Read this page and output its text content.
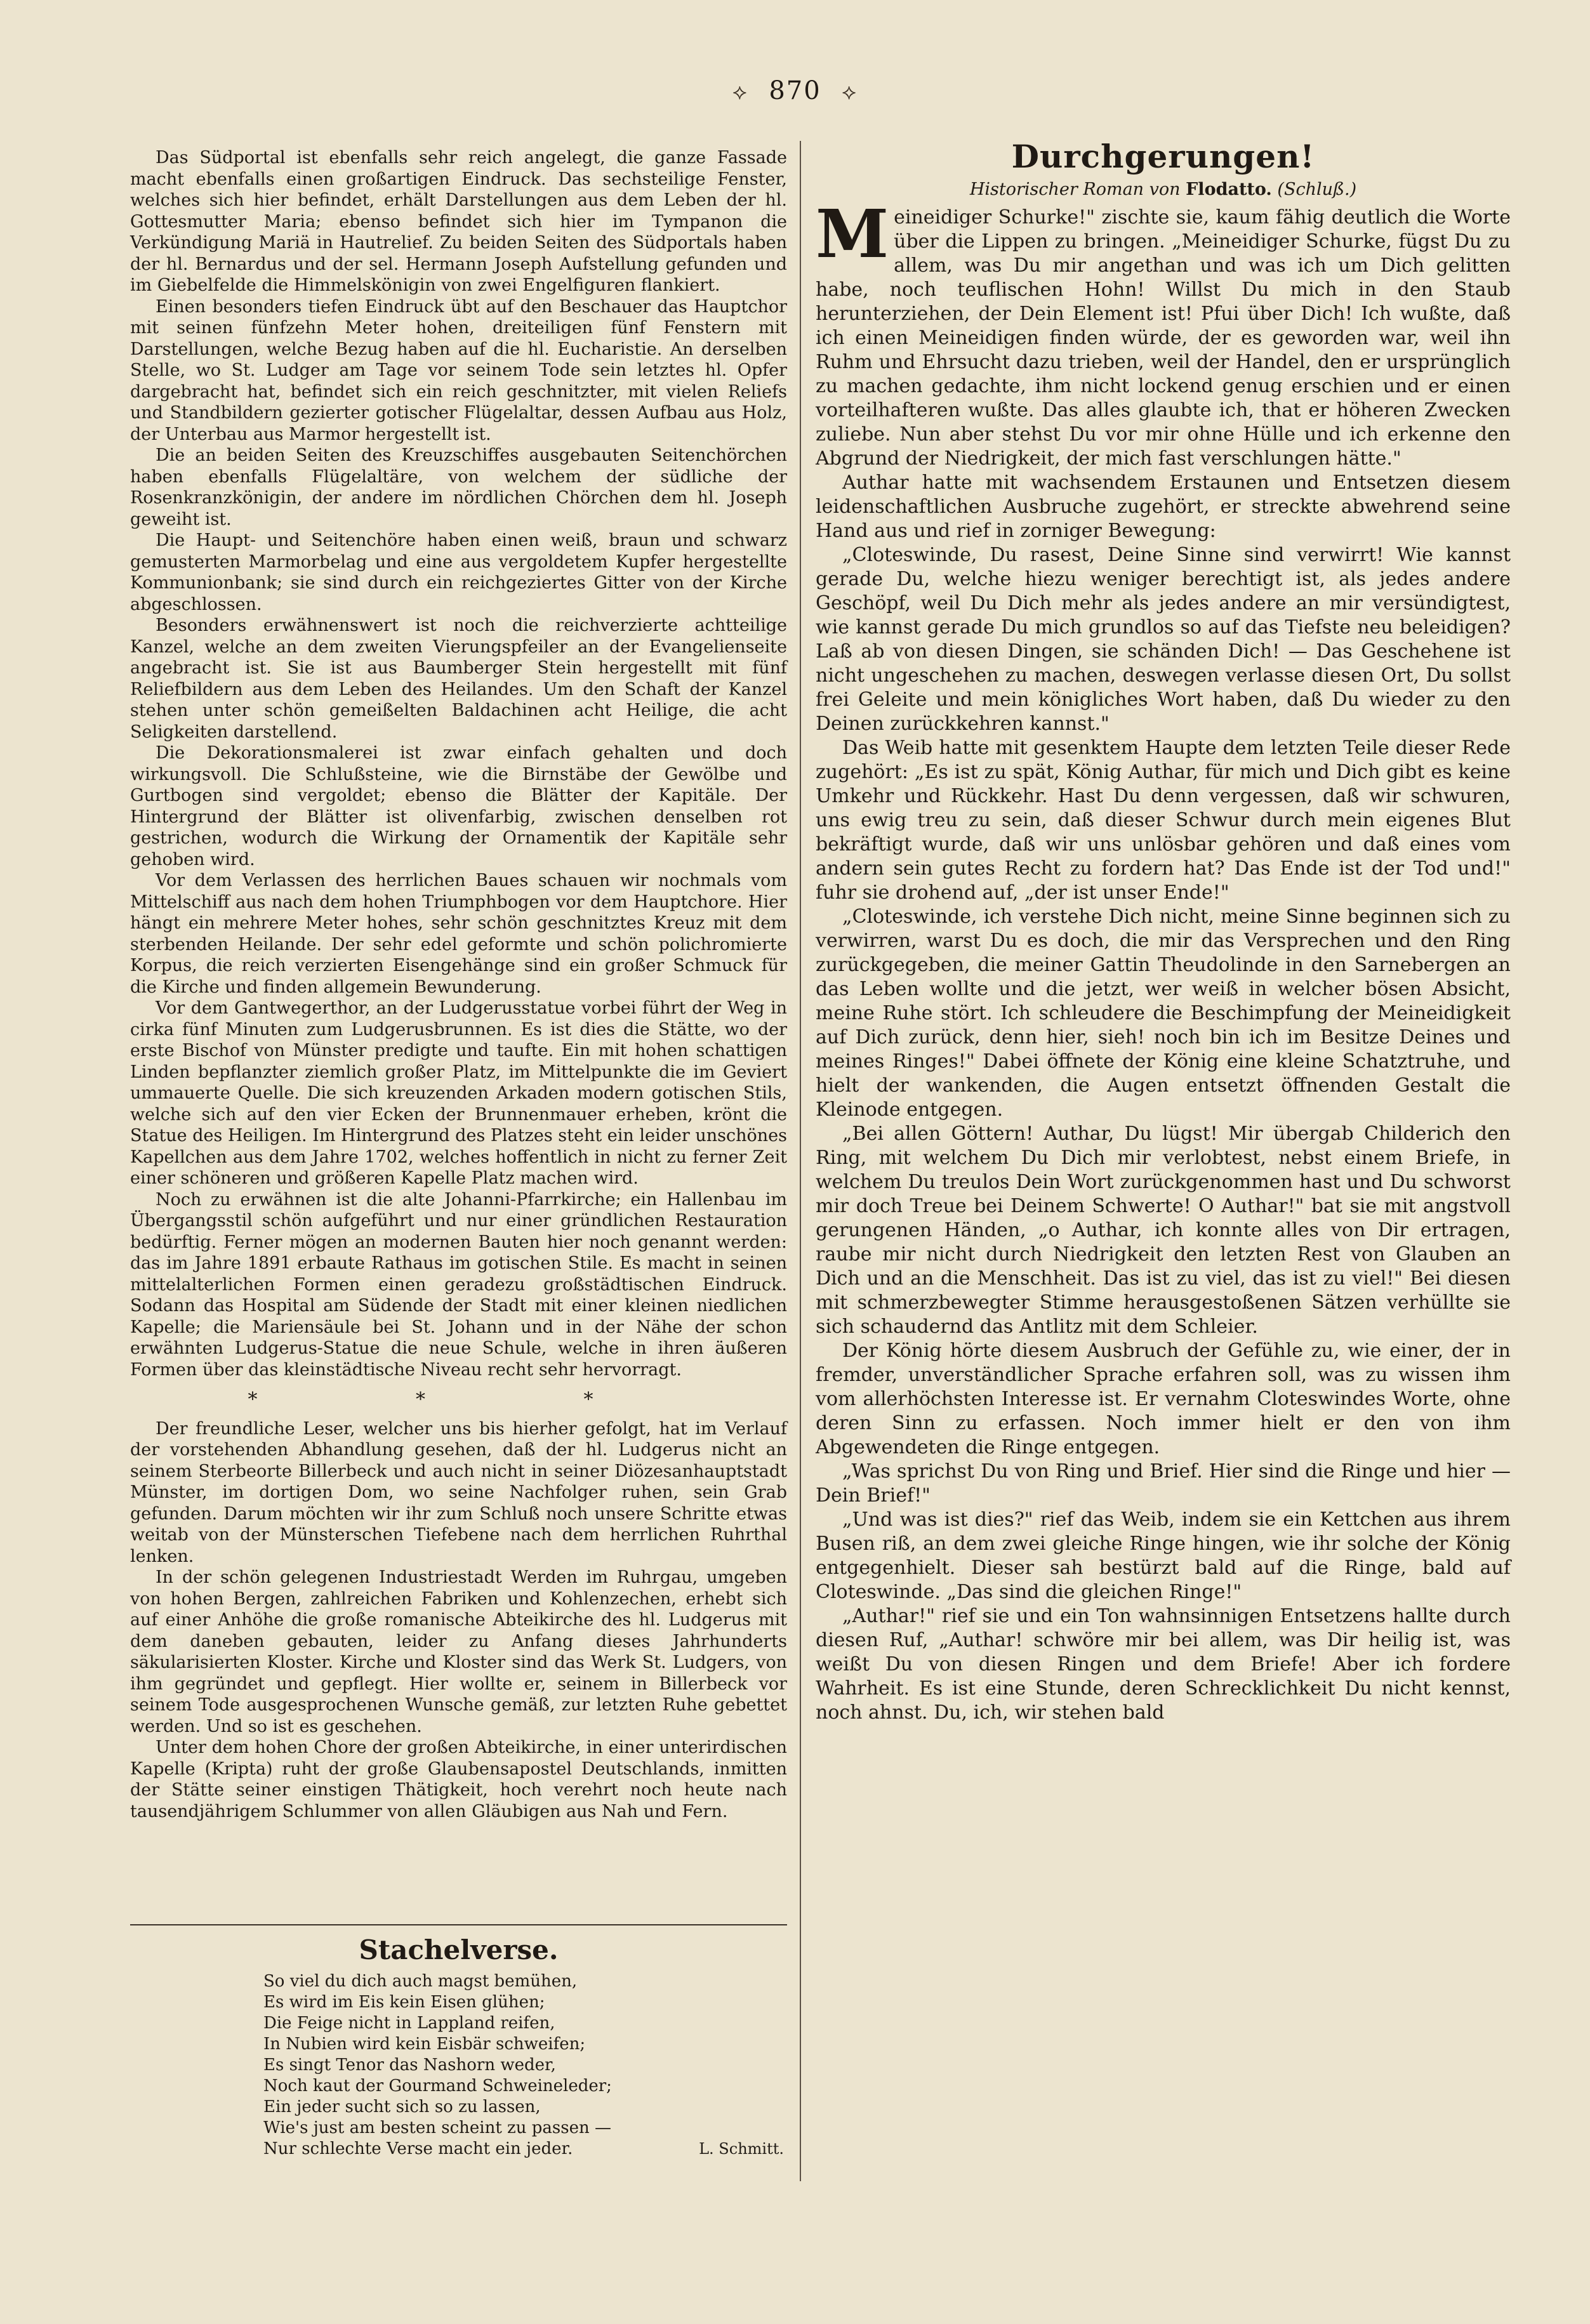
⟡ 870 ⟡

Das Südportal ist ebenfalls sehr reich angelegt, die ganze Fassade macht ebenfalls einen großartigen Eindruck. Das sechsteilige Fenster, welches sich hier befindet, erhält Darstellungen aus dem Leben der hl. Gottesmutter Maria; ebenso befindet sich hier im Tympanon die Verkündigung Mariä in Hautrelief. Zu beiden Seiten des Südportals haben der hl. Bernardus und der sel. Hermann Joseph Aufstellung gefunden und im Giebelfelde die Himmelskönigin von zwei Engelfiguren flankiert.

Einen besonders tiefen Eindruck übt auf den Beschauer das Hauptchor mit seinen fünfzehn Meter hohen, dreiteiligen fünf Fenstern mit Darstellungen, welche Bezug haben auf die hl. Eucharistie. An derselben Stelle, wo St. Ludger am Tage vor seinem Tode sein letztes hl. Opfer dargebracht hat, befindet sich ein reich geschnitzter, mit vielen Reliefs und Standbildern gezierter gotischer Flügelaltar, dessen Aufbau aus Holz, der Unterbau aus Marmor hergestellt ist.

Die an beiden Seiten des Kreuzschiffes ausgebauten Seitenchörchen haben ebenfalls Flügelaltäre, von welchem der südliche der Rosenkranzkönigin, der andere im nördlichen Chörchen dem hl. Joseph geweiht ist.

Die Haupt- und Seitenchöre haben einen weiß, braun und schwarz gemusterten Marmorbelag und eine aus vergoldetem Kupfer hergestellte Kommunionbank; sie sind durch ein reichgeziertes Gitter von der Kirche abgeschlossen.

Besonders erwähnenswert ist noch die reichverzierte achtteilige Kanzel, welche an dem zweiten Vierungspfeiler an der Evangelienseite angebracht ist. Sie ist aus Baumberger Stein hergestellt mit fünf Reliefbildern aus dem Leben des Heilandes. Um den Schaft der Kanzel stehen unter schön gemeißelten Baldachinen acht Heilige, die acht Seligkeiten darstellend.

Die Dekorationsmalerei ist zwar einfach gehalten und doch wirkungsvoll. Die Schlußsteine, wie die Birnstäbe der Gewölbe und Gurtbogen sind vergoldet; ebenso die Blätter der Kapitäle. Der Hintergrund der Blätter ist olivenfarbig, zwischen denselben rot gestrichen, wodurch die Wirkung der Ornamentik der Kapitäle sehr gehoben wird.

Vor dem Verlassen des herrlichen Baues schauen wir nochmals vom Mittelschiff aus nach dem hohen Triumphbogen vor dem Hauptchore. Hier hängt ein mehrere Meter hohes, sehr schön geschnitztes Kreuz mit dem sterbenden Heilande. Der sehr edel geformte und schön polichromierte Korpus, die reich verzierten Eisengehänge sind ein großer Schmuck für die Kirche und finden allgemein Bewunderung.

Vor dem Gantwegerthor, an der Ludgerusstatue vorbei führt der Weg in cirka fünf Minuten zum Ludgerusbrunnen. Es ist dies die Stätte, wo der erste Bischof von Münster predigte und taufte. Ein mit hohen schattigen Linden bepflanzter ziemlich großer Platz, im Mittelpunkte die im Geviert ummauerte Quelle. Die sich kreuzenden Arkaden modern gotischen Stils, welche sich auf den vier Ecken der Brunnenmauer erheben, krönt die Statue des Heiligen. Im Hintergrund des Platzes steht ein leider unschönes Kapellchen aus dem Jahre 1702, welches hoffentlich in nicht zu ferner Zeit einer schöneren und größeren Kapelle Platz machen wird.

Noch zu erwähnen ist die alte Johanni-Pfarrkirche; ein Hallenbau im Übergangsstil schön aufgeführt und nur einer gründlichen Restauration bedürftig. Ferner mögen an modernen Bauten hier noch genannt werden: das im Jahre 1891 erbaute Rathaus im gotischen Stile. Es macht in seinen mittelalterlichen Formen einen geradezu großstädtischen Eindruck. Sodann das Hospital am Südende der Stadt mit einer kleinen niedlichen Kapelle; die Mariensäule bei St. Johann und in der Nähe der schon erwähnten Ludgerus-Statue die neue Schule, welche in ihren äußeren Formen über das kleinstädtische Niveau recht sehr hervorragt.

* * *

Der freundliche Leser, welcher uns bis hierher gefolgt, hat im Verlauf der vorstehenden Abhandlung gesehen, daß der hl. Ludgerus nicht an seinem Sterbeorte Billerbeck und auch nicht in seiner Diözesanhauptstadt Münster, im dortigen Dom, wo seine Nachfolger ruhen, sein Grab gefunden. Darum möchten wir ihr zum Schluß noch unsere Schritte etwas weitab von der Münsterschen Tiefebene nach dem herrlichen Ruhrthal lenken.

In der schön gelegenen Industriestadt Werden im Ruhrgau, umgeben von hohen Bergen, zahlreichen Fabriken und Kohlenzechen, erhebt sich auf einer Anhöhe die große romanische Abteikirche des hl. Ludgerus mit dem daneben gebauten, leider zu Anfang dieses Jahrhunderts säkularisierten Kloster. Kirche und Kloster sind das Werk St. Ludgers, von ihm gegründet und gepflegt. Hier wollte er, seinem in Billerbeck vor seinem Tode ausgesprochenen Wunsche gemäß, zur letzten Ruhe gebettet werden. Und so ist es geschehen.

Unter dem hohen Chore der großen Abteikirche, in einer unterirdischen Kapelle (Kripta) ruht der große Glaubensapostel Deutschlands, inmitten der Stätte seiner einstigen Thätigkeit, hoch verehrt noch heute nach tausendjährigem Schlummer von allen Gläubigen aus Nah und Fern.

Stachelverse.
So viel du dich auch magst bemühen,
Es wird im Eis kein Eisen glühen;
Die Feige nicht in Lappland reifen,
In Nubien wird kein Eisbär schweifen;
Es singt Tenor das Nashorn weder,
Noch kaut der Gourmand Schweineleder;
Ein jeder sucht sich so zu lassen,
Wie's just am besten scheint zu passen —
Nur schlechte Verse macht ein jeder.	L. Schmitt.
Durchgerungen!
Historischer Roman von Flodatto. (Schluß.)

Meineidiger Schurke!" zischte sie, kaum fähig deutlich die Worte über die Lippen zu bringen. „Meineidiger Schurke, fügst Du zu allem, was Du mir angethan und was ich um Dich gelitten habe, noch teuflischen Hohn! Willst Du mich in den Staub herunterziehen, der Dein Element ist! Pfui über Dich! Ich wußte, daß ich einen Meineidigen finden würde, der es geworden war, weil ihn Ruhm und Ehrsucht dazu trieben, weil der Handel, den er ursprünglich zu machen gedachte, ihm nicht lockend genug erschien und er einen vorteilhafteren wußte. Das alles glaubte ich, that er höheren Zwecken zuliebe. Nun aber stehst Du vor mir ohne Hülle und ich erkenne den Abgrund der Niedrigkeit, der mich fast verschlungen hätte."

Authar hatte mit wachsendem Erstaunen und Entsetzen diesem leidenschaftlichen Ausbruche zugehört, er streckte abwehrend seine Hand aus und rief in zorniger Bewegung:

„Cloteswinde, Du rasest, Deine Sinne sind verwirrt! Wie kannst gerade Du, welche hiezu weniger berechtigt ist, als jedes andere Geschöpf, weil Du Dich mehr als jedes andere an mir versündigtest, wie kannst gerade Du mich grundlos so auf das Tiefste neu beleidigen? Laß ab von diesen Dingen, sie schänden Dich! — Das Geschehene ist nicht ungeschehen zu machen, deswegen verlasse diesen Ort, Du sollst frei Geleite und mein königliches Wort haben, daß Du wieder zu den Deinen zurückkehren kannst."

Das Weib hatte mit gesenktem Haupte dem letzten Teile dieser Rede zugehört: „Es ist zu spät, König Authar, für mich und Dich gibt es keine Umkehr und Rückkehr. Hast Du denn vergessen, daß wir schwuren, uns ewig treu zu sein, daß dieser Schwur durch mein eigenes Blut bekräftigt wurde, daß wir uns unlösbar gehören und daß eines vom andern sein gutes Recht zu fordern hat? Das Ende ist der Tod und!" fuhr sie drohend auf, „der ist unser Ende!"

„Cloteswinde, ich verstehe Dich nicht, meine Sinne beginnen sich zu verwirren, warst Du es doch, die mir das Versprechen und den Ring zurückgegeben, die meiner Gattin Theudolinde in den Sarnebergen an das Leben wollte und die jetzt, wer weiß in welcher bösen Absicht, meine Ruhe stört. Ich schleudere die Beschimpfung der Meineidigkeit auf Dich zurück, denn hier, sieh! noch bin ich im Besitze Deines und meines Ringes!" Dabei öffnete der König eine kleine Schatztruhe, und hielt der wankenden, die Augen entsetzt öffnenden Gestalt die Kleinode entgegen.

„Bei allen Göttern! Authar, Du lügst! Mir übergab Childerich den Ring, mit welchem Du Dich mir verlobtest, nebst einem Briefe, in welchem Du treulos Dein Wort zurückgenommen hast und Du schworst mir doch Treue bei Deinem Schwerte! O Authar!" bat sie mit angstvoll gerungenen Händen, „o Authar, ich konnte alles von Dir ertragen, raube mir nicht durch Niedrigkeit den letzten Rest von Glauben an Dich und an die Menschheit. Das ist zu viel, das ist zu viel!" Bei diesen mit schmerzbewegter Stimme herausgestoßenen Sätzen verhüllte sie sich schaudernd das Antlitz mit dem Schleier.

Der König hörte diesem Ausbruch der Gefühle zu, wie einer, der in fremder, unverständlicher Sprache erfahren soll, was zu wissen ihm vom allerhöchsten Interesse ist. Er vernahm Cloteswindes Worte, ohne deren Sinn zu erfassen. Noch immer hielt er den von ihm Abgewendeten die Ringe entgegen.

„Was sprichst Du von Ring und Brief. Hier sind die Ringe und hier — Dein Brief!"

„Und was ist dies?" rief das Weib, indem sie ein Kettchen aus ihrem Busen riß, an dem zwei gleiche Ringe hingen, wie ihr solche der König entgegenhielt. Dieser sah bestürzt bald auf die Ringe, bald auf Cloteswinde. „Das sind die gleichen Ringe!"

„Authar!" rief sie und ein Ton wahnsinnigen Entsetzens hallte durch diesen Ruf, „Authar! schwöre mir bei allem, was Dir heilig ist, was weißt Du von diesen Ringen und dem Briefe! Aber ich fordere Wahrheit. Es ist eine Stunde, deren Schrecklichkeit Du nicht kennst, noch ahnst. Du, ich, wir stehen bald
